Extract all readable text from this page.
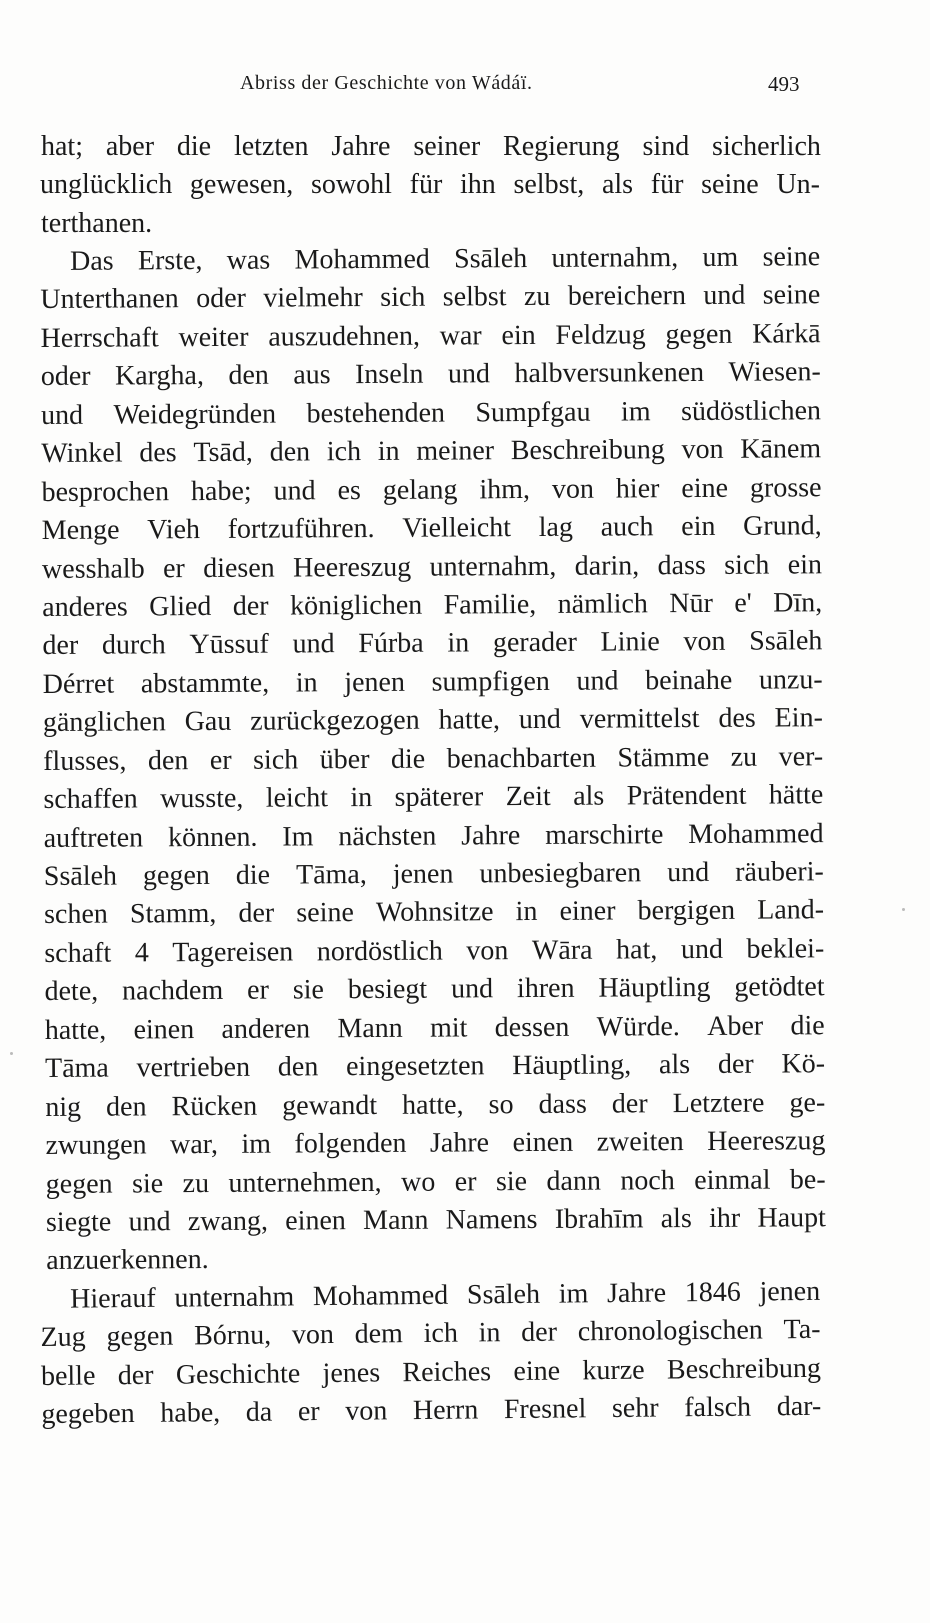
Abriss der Geschichte von Wádáï.	493
hat; aber die letzten Jahre seiner Regierung sind sicherlich
unglücklich gewesen, sowohl für ihn selbst, als für seine Un-
terthanen.
Das Erste, was Mohammed Ssāleh unternahm, um seine
Unterthanen oder vielmehr sich selbst zu bereichern und seine
Herrschaft weiter auszudehnen, war ein Feldzug gegen Kárkā
oder Kargha, den aus Inseln und halbversunkenen Wiesen-
und Weidegründen bestehenden Sumpfgau im südöstlichen
Winkel des Tsād, den ich in meiner Beschreibung von Kānem
besprochen habe; und es gelang ihm, von hier eine grosse
Menge Vieh fortzuführen. Vielleicht lag auch ein Grund,
wesshalb er diesen Heereszug unternahm, darin, dass sich ein
anderes Glied der königlichen Familie, nämlich Nūr e' Dīn,
der durch Yūssuf und Fúrba in gerader Linie von Ssāleh
Dérret abstammte, in jenen sumpfigen und beinahe unzu-
gänglichen Gau zurückgezogen hatte, und vermittelst des Ein-
flusses, den er sich über die benachbarten Stämme zu ver-
schaffen wusste, leicht in späterer Zeit als Prätendent hätte
auftreten können. Im nächsten Jahre marschirte Mohammed
Ssāleh gegen die Tāma, jenen unbesiegbaren und räuberi-
schen Stamm, der seine Wohnsitze in einer bergigen Land-
schaft 4 Tagereisen nordöstlich von Wāra hat, und beklei-
dete, nachdem er sie besiegt und ihren Häuptling getödtet
hatte, einen anderen Mann mit dessen Würde. Aber die
Tāma vertrieben den eingesetzten Häuptling, als der Kö-
nig den Rücken gewandt hatte, so dass der Letztere ge-
zwungen war, im folgenden Jahre einen zweiten Heereszug
gegen sie zu unternehmen, wo er sie dann noch einmal be-
siegte und zwang, einen Mann Namens Ibrahīm als ihr Haupt
anzuerkennen.
Hierauf unternahm Mohammed Ssāleh im Jahre 1846 jenen
Zug gegen Bórnu, von dem ich in der chronologischen Ta-
belle der Geschichte jenes Reiches eine kurze Beschreibung
gegeben habe, da er von Herrn Fresnel sehr falsch dar-
